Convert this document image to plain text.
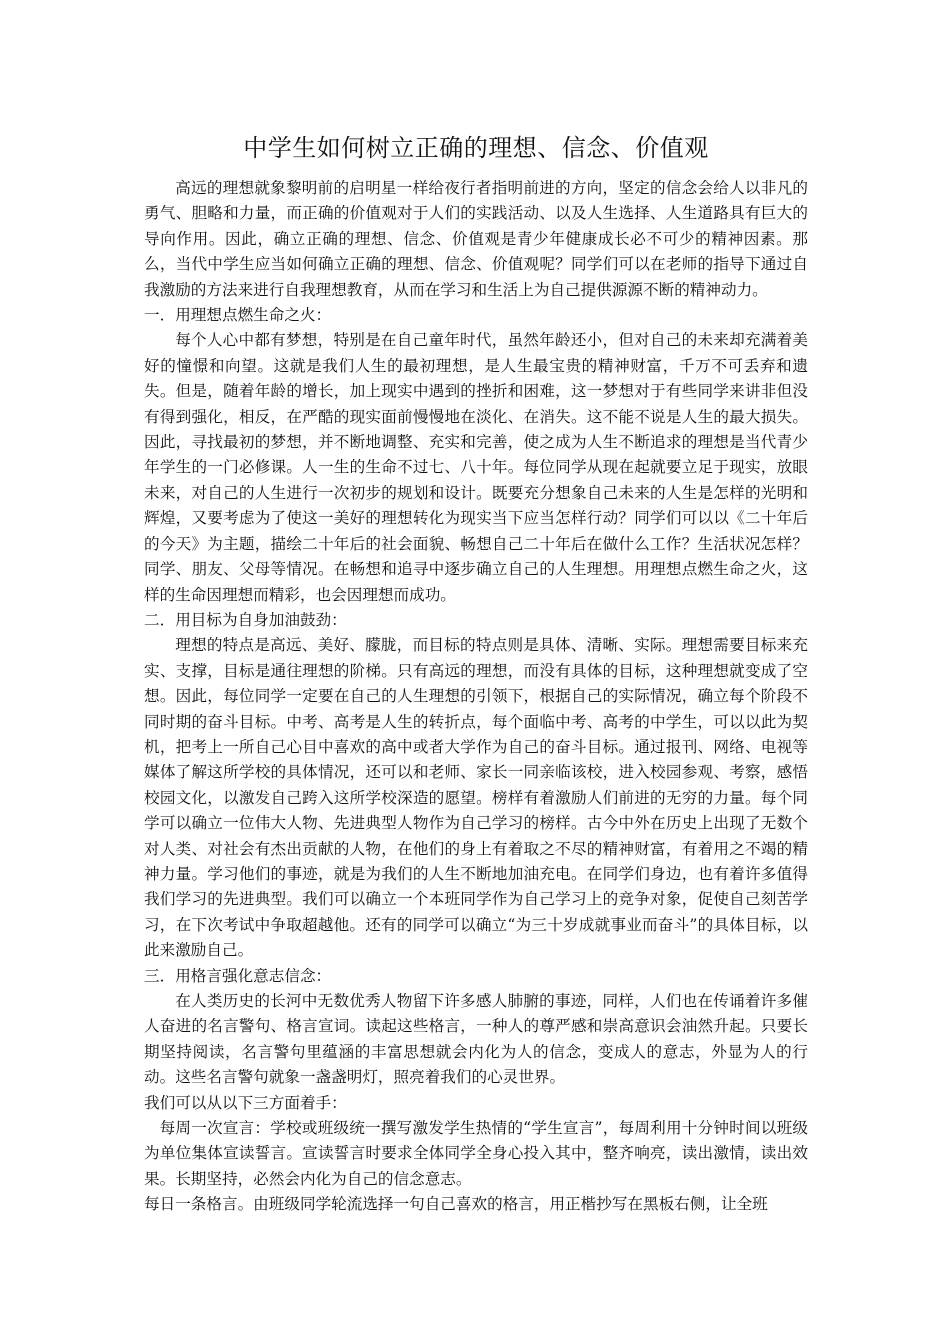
中学生如何树立正确的理想、信念、价值观

高远的理想就象黎明前的启明星一样给夜行者指明前进的方向，坚定的信念会给人以非凡的勇气、胆略和力量，而正确的价值观对于人们的实践活动、以及人生选择、人生道路具有巨大的导向作用。因此，确立正确的理想、信念、价值观是青少年健康成长必不可少的精神因素。那么，当代中学生应当如何确立正确的理想、信念、价值观呢？同学们可以在老师的指导下通过自我激励的方法来进行自我理想教育，从而在学习和生活上为自己提供源源不断的精神动力。

一．用理想点燃生命之火：

每个人心中都有梦想，特别是在自己童年时代，虽然年龄还小，但对自己的未来却充满着美好的憧憬和向望。这就是我们人生的最初理想，是人生最宝贵的精神财富，千万不可丢弃和遗失。但是，随着年龄的增长，加上现实中遇到的挫折和困难，这一梦想对于有些同学来讲非但没有得到强化，相反，在严酷的现实面前慢慢地在淡化、在消失。这不能不说是人生的最大损失。因此，寻找最初的梦想，并不断地调整、充实和完善，使之成为人生不断追求的理想是当代青少年学生的一门必修课。人一生的生命不过七、八十年。每位同学从现在起就要立足于现实，放眼未来，对自己的人生进行一次初步的规划和设计。既要充分想象自己未来的人生是怎样的光明和辉煌，又要考虑为了使这一美好的理想转化为现实当下应当怎样行动？同学们可以以《二十年后的今天》为主题，描绘二十年后的社会面貌、畅想自己二十年后在做什么工作？生活状况怎样？同学、朋友、父母等情况。在畅想和追寻中逐步确立自己的人生理想。用理想点燃生命之火，这样的生命因理想而精彩，也会因理想而成功。

二．用目标为自身加油鼓劲：

理想的特点是高远、美好、朦胧，而目标的特点则是具体、清晰、实际。理想需要目标来充实、支撑，目标是通往理想的阶梯。只有高远的理想，而没有具体的目标，这种理想就变成了空想。因此，每位同学一定要在自己的人生理想的引领下，根据自己的实际情况，确立每个阶段不同时期的奋斗目标。中考、高考是人生的转折点，每个面临中考、高考的中学生，可以以此为契机，把考上一所自己心目中喜欢的高中或者大学作为自己的奋斗目标。通过报刊、网络、电视等媒体了解这所学校的具体情况，还可以和老师、家长一同亲临该校，进入校园参观、考察，感悟校园文化，以激发自己跨入这所学校深造的愿望。榜样有着激励人们前进的无穷的力量。每个同学可以确立一位伟大人物、先进典型人物作为自己学习的榜样。古今中外在历史上出现了无数个对人类、对社会有杰出贡献的人物，在他们的身上有着取之不尽的精神财富，有着用之不竭的精神力量。学习他们的事迹，就是为我们的人生不断地加油充电。在同学们身边，也有着许多值得我们学习的先进典型。我们可以确立一个本班同学作为自己学习上的竞争对象，促使自己刻苦学习，在下次考试中争取超越他。还有的同学可以确立“为三十岁成就事业而奋斗”的具体目标，以此来激励自己。

三．用格言强化意志信念：

在人类历史的长河中无数优秀人物留下许多感人肺腑的事迹，同样，人们也在传诵着许多催人奋进的名言警句、格言宣词。读起这些格言，一种人的尊严感和崇高意识会油然升起。只要长期坚持阅读，名言警句里蕴涵的丰富思想就会内化为人的信念，变成人的意志，外显为人的行动。这些名言警句就象一盏盏明灯，照亮着我们的心灵世界。

我们可以从以下三方面着手：

每周一次宣言：学校或班级统一撰写激发学生热情的“学生宣言”，每周利用十分钟时间以班级为单位集体宣读誓言。宣读誓言时要求全体同学全身心投入其中，整齐响亮，读出激情，读出效果。长期坚持，必然会内化为自己的信念意志。

每日一条格言。由班级同学轮流选择一句自己喜欢的格言，用正楷抄写在黑板右侧，让全班
